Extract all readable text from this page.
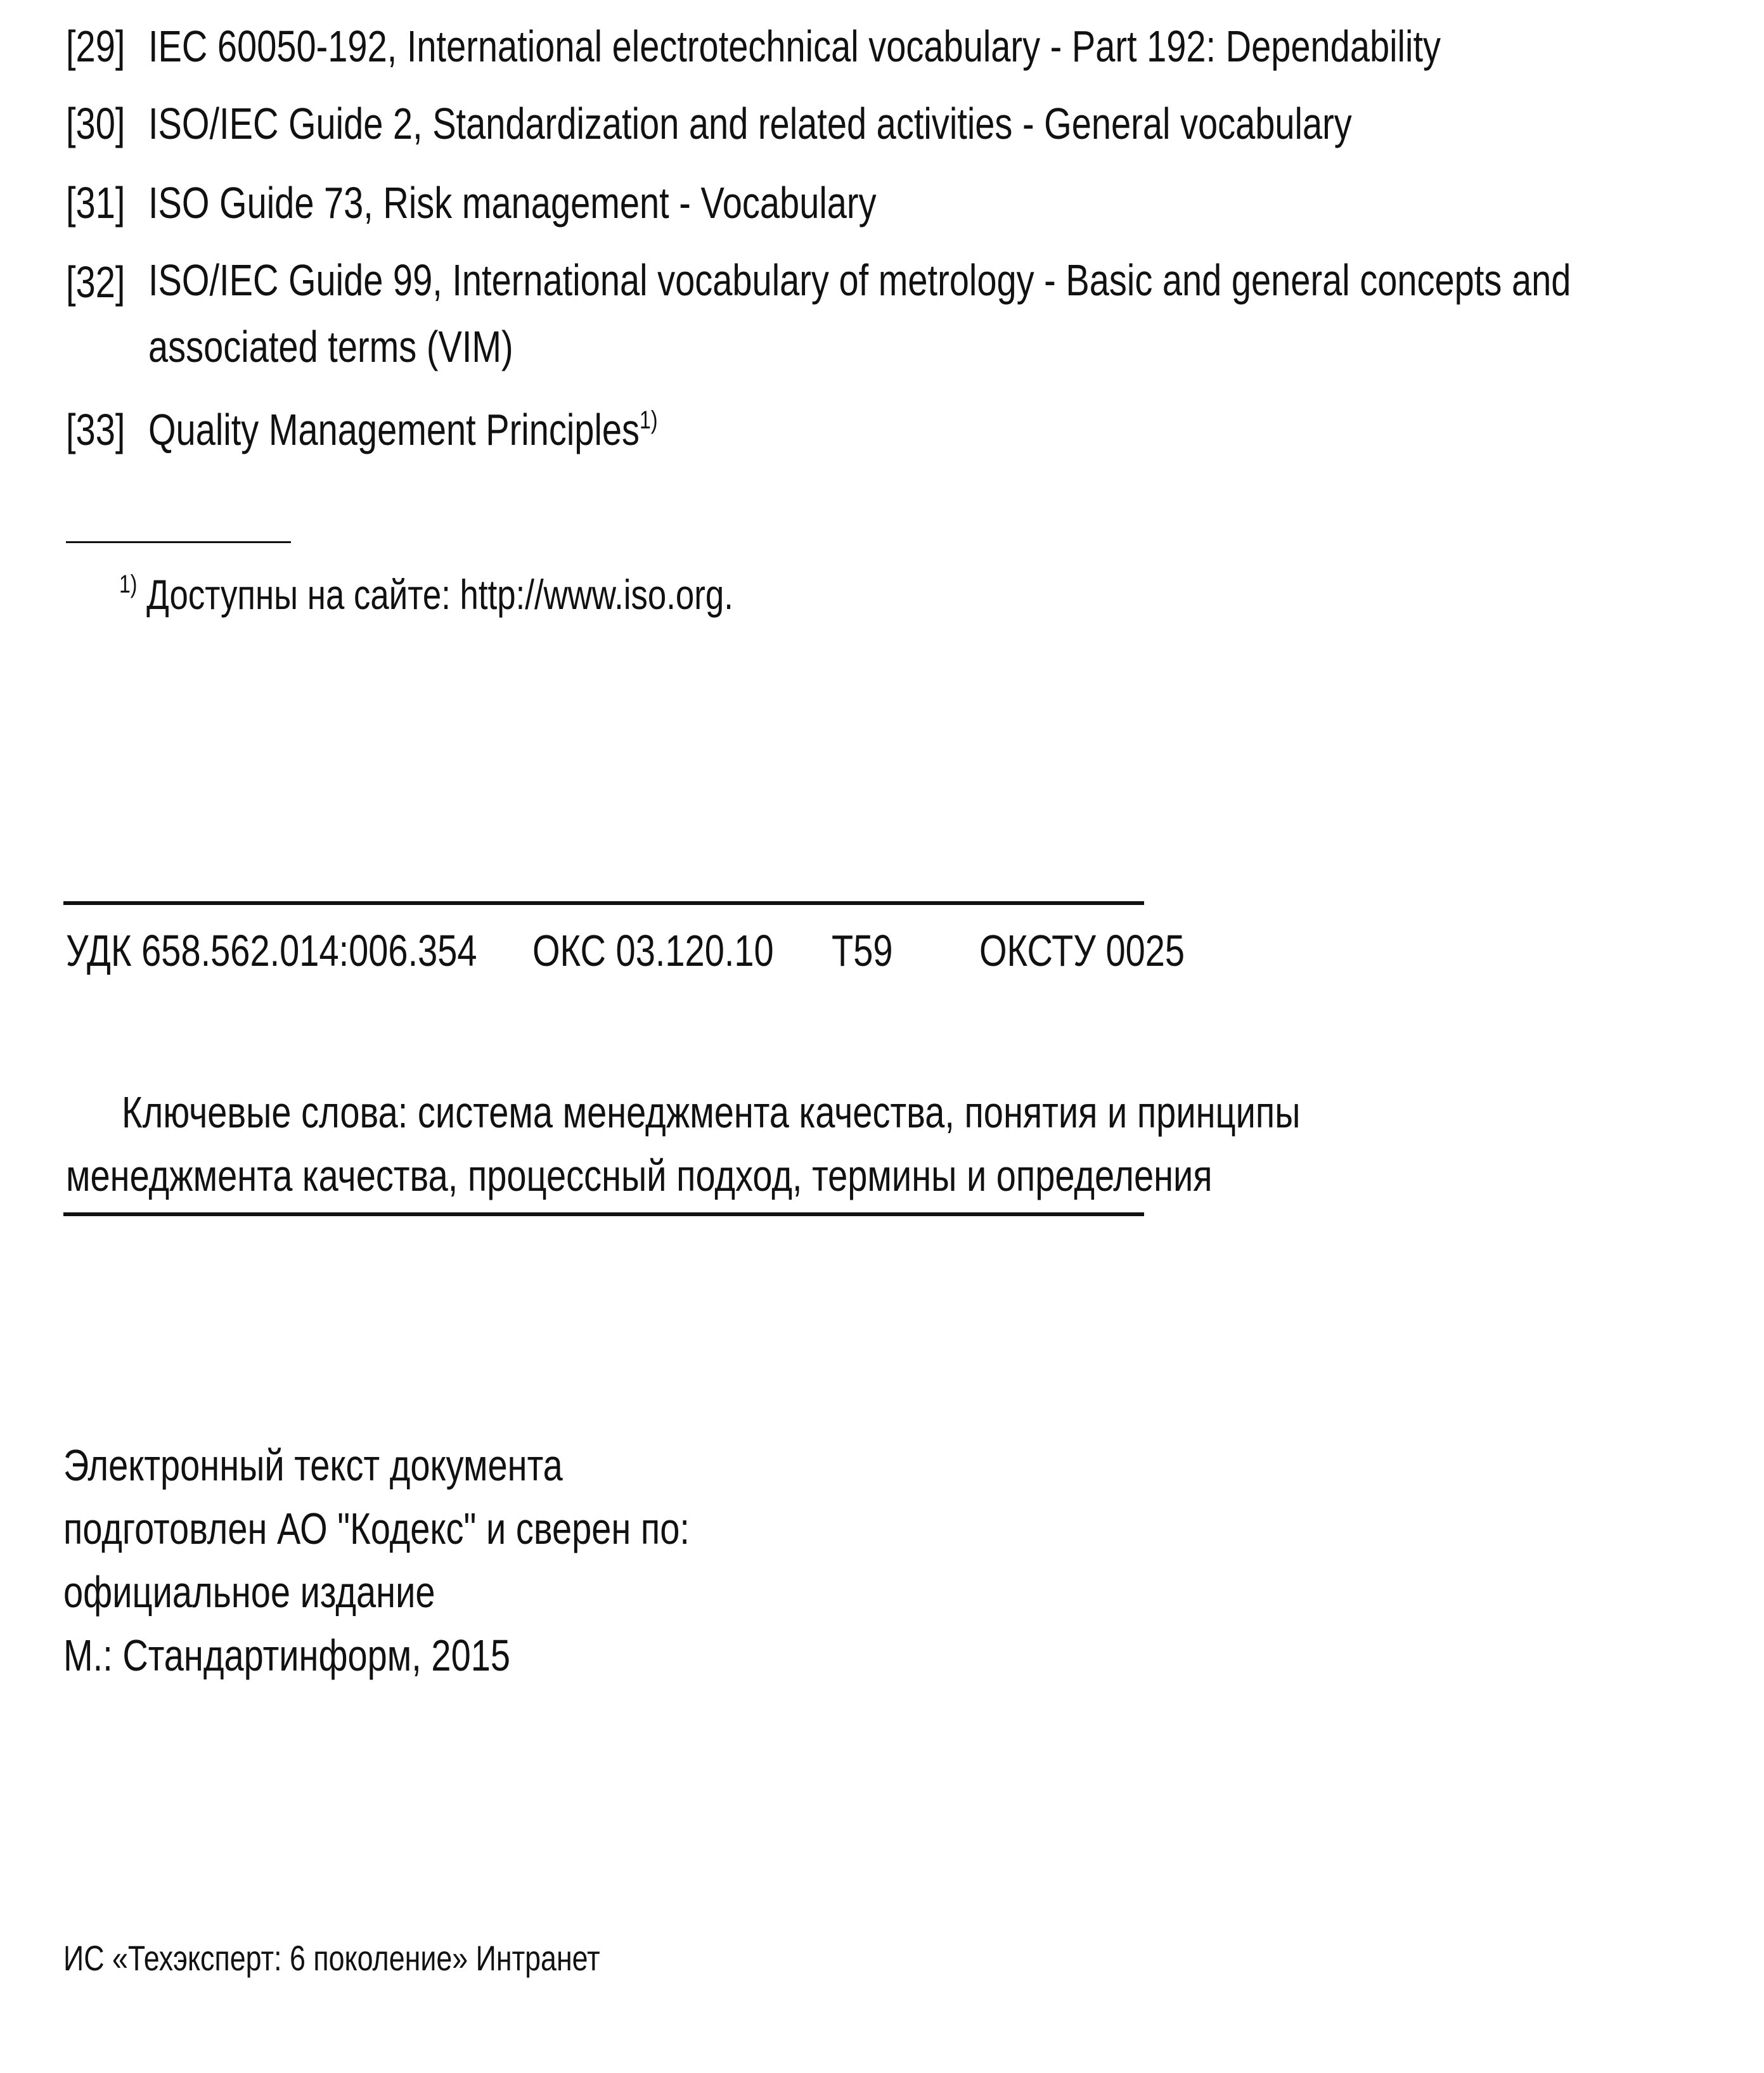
[29] IEC 60050-192, International electrotechnical vocabulary - Part 192: Dependability
[30] ISO/IEC Guide 2, Standardization and related activities - General vocabulary
[31] ISO Guide 73, Risk management - Vocabulary
[32] ISO/IEC Guide 99, International vocabulary of metrology - Basic and general concepts and
associated terms (VIM)
[33] Quality Management Principles$^{1)}$
$^{1)}$ Доступны на сайте: http://www.iso.org.
УДК 658.562.014:006.354	ОКС 03.120.10	T59	ОКСТУ 0025
Ключевые слова: система менеджмента качества, понятия и принципы
менеджмента качества, процессный подход, термины и определения
Электронный текст документа
подготовлен АО "Кодекс" и сверен по:
официальное издание
М.: Стандартинформ, 2015
ИС «Техэксперт: 6 поколение» Интранет
